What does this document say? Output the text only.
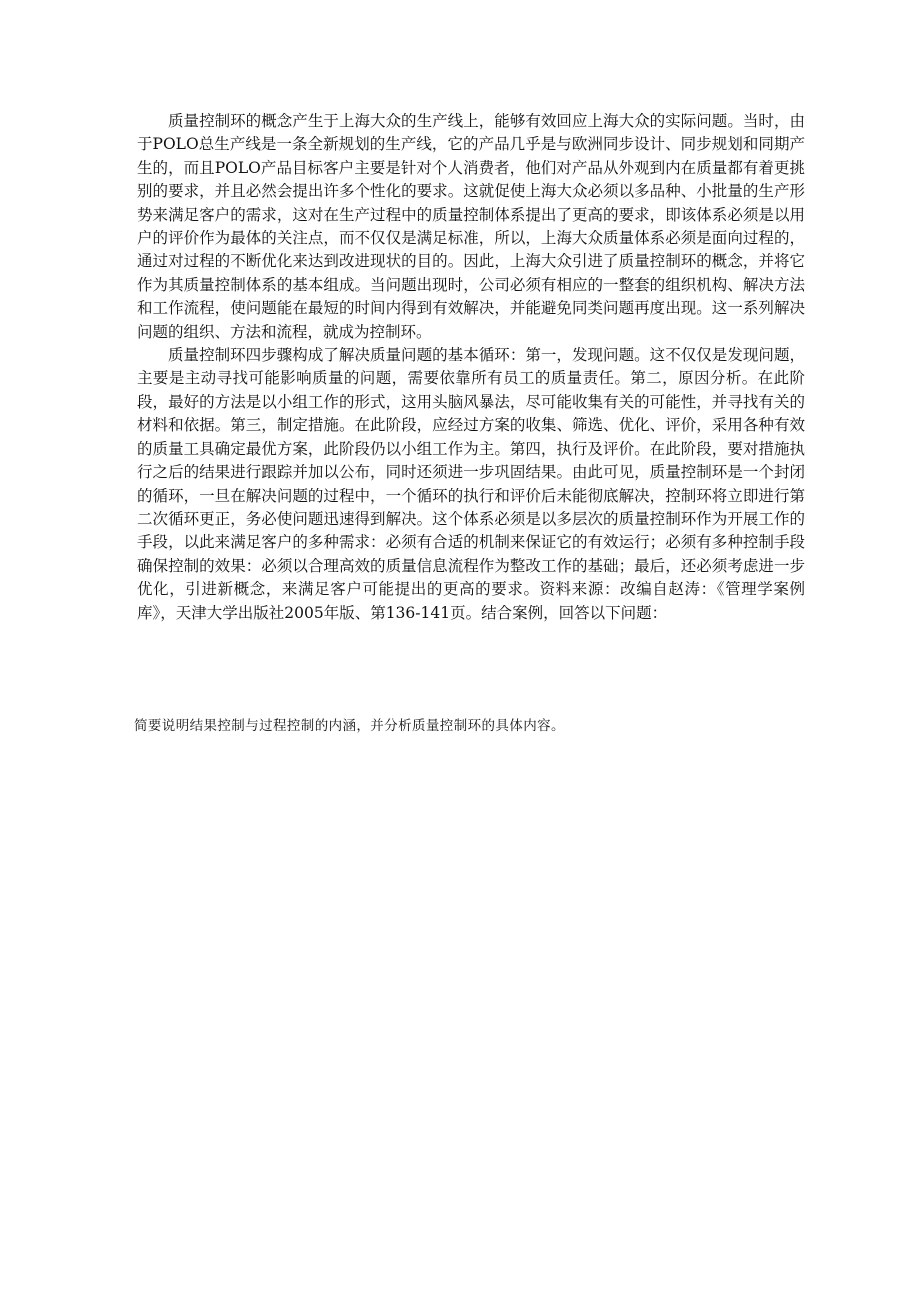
质量控制环的概念产生于上海大众的生产线上，能够有效回应上海大众的实际问题。当时，由于POLO总生产线是一条全新规划的生产线，它的产品几乎是与欧洲同步设计、同步规划和同期产生的，而且POLO产品目标客户主要是针对个人消费者，他们对产品从外观到内在质量都有着更挑别的要求，并且必然会提出许多个性化的要求。这就促使上海大众必须以多品种、小批量的生产形势来满足客户的需求，这对在生产过程中的质量控制体系提出了更高的要求，即该体系必须是以用户的评价作为最体的关注点，而不仅仅是满足标准，所以，上海大众质量体系必须是面向过程的，通过对过程的不断优化来达到改进现状的目的。因此，上海大众引进了质量控制环的概念，并将它作为其质量控制体系的基本组成。当问题出现时，公司必须有相应的一整套的组织机构、解决方法和工作流程，使问题能在最短的时间内得到有效解决，并能避免同类问题再度出现。这一系列解决问题的组织、方法和流程，就成为控制环。

质量控制环四步骤构成了解决质量问题的基本循环：第一，发现问题。这不仅仅是发现问题，主要是主动寻找可能影响质量的问题，需要依靠所有员工的质量责任。第二，原因分析。在此阶段，最好的方法是以小组工作的形式，这用头脑风暴法，尽可能收集有关的可能性，并寻找有关的材料和依据。第三，制定措施。在此阶段，应经过方案的收集、筛选、优化、评价，采用各种有效的质量工具确定最优方案，此阶段仍以小组工作为主。第四，执行及评价。在此阶段，要对措施执行之后的结果进行跟踪并加以公布，同时还须进一步巩固结果。由此可见，质量控制环是一个封闭的循环，一旦在解决问题的过程中，一个循环的执行和评价后未能彻底解决，控制环将立即进行第二次循环更正，务必使问题迅速得到解决。这个体系必须是以多层次的质量控制环作为开展工作的手段，以此来满足客户的多种需求：必须有合适的机制来保证它的有效运行；必须有多种控制手段确保控制的效果：必须以合理高效的质量信息流程作为整改工作的基础；最后，还必须考虑进一步优化，引进新概念，来满足客户可能提出的更高的要求。资料来源：改编自赵涛：《管理学案例库》，天津大学出版社2005年版、第136-141页。结合案例，回答以下问题：

简要说明结果控制与过程控制的内涵，并分析质量控制环的具体内容。
